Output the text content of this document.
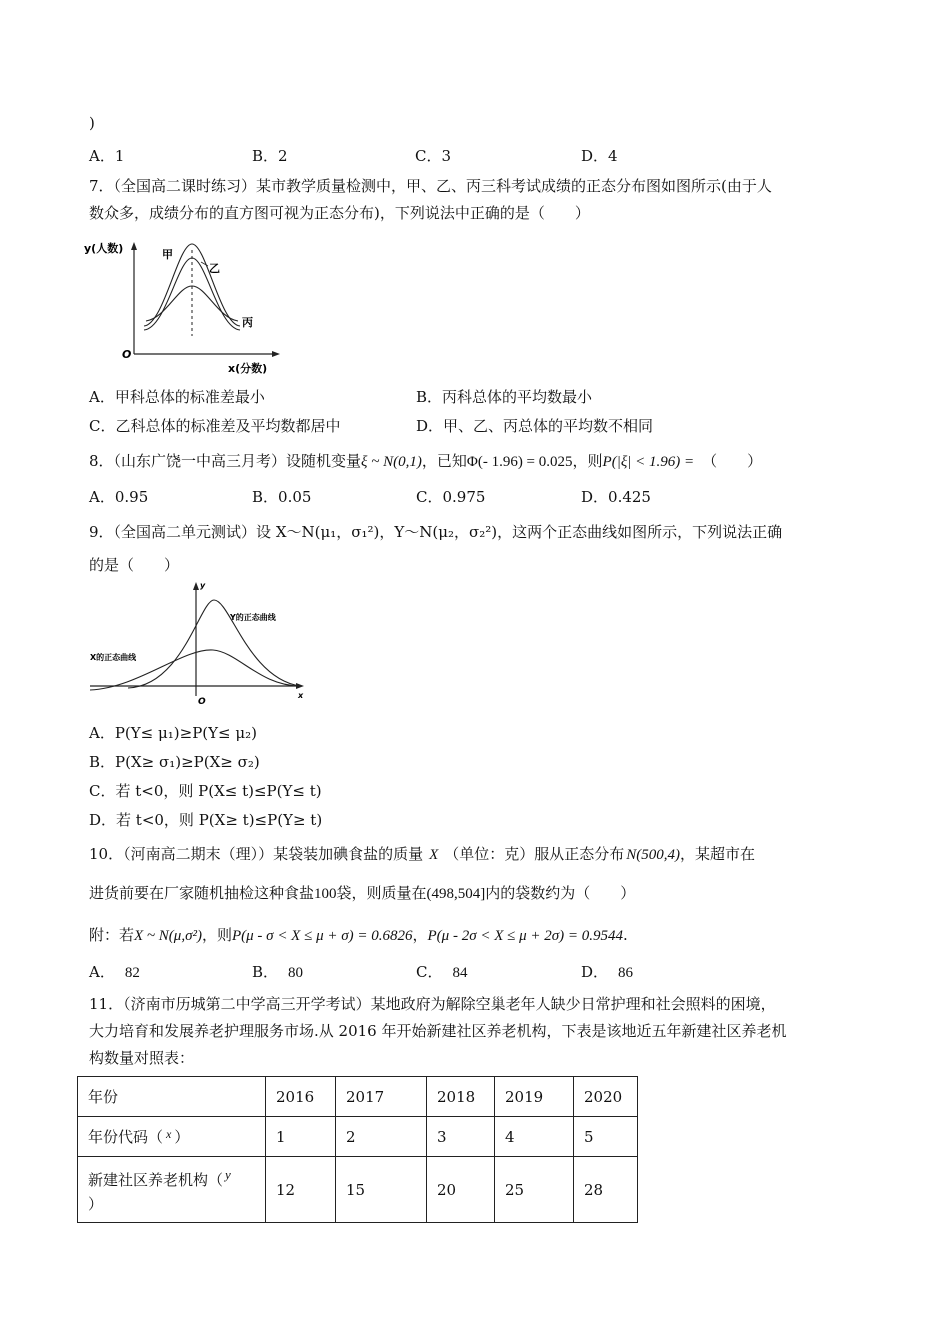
)
A．1	B．2	C．3	D．4
7．（全国高二课时练习）某市教学质量检测中，甲、乙、丙三科考试成绩的正态分布图如图所示(由于人
数众多，成绩分布的直方图可视为正态分布)，下列说法中正确的是（　　）
y(人数)
x(分数)
O
甲
乙
丙
A．甲科总体的标准差最小	B．丙科总体的平均数最小
C．乙科总体的标准差及平均数都居中	D．甲、乙、丙总体的平均数不相同
8．（山东广饶一中高三月考）设随机变量ξ ~ N(0,1)，已知Φ(- 1.96) = 0.025，则P(|ξ| < 1.96) = （　　）
A．0.95	B．0.05	C．0.975	D．0.425
9．（全国高二单元测试）设 X～N(μ₁，σ₁²)，Y～N(μ₂，σ₂²)，这两个正态曲线如图所示，下列说法正确
的是（　　）
y
x
O
Y的正态曲线
X的正态曲线
A．P(Y≤ μ₁)≥P(Y≤ μ₂)
B．P(X≥ σ₁)≥P(X≥ σ₂)
C．若 t<0，则 P(X≤ t)≤P(Y≤ t)
D．若 t<0，则 P(X≥ t)≤P(Y≥ t)
10．（河南高二期末（理））某袋装加碘食盐的质量 X （单位：克）服从正态分布 N(500,4)，某超市在
进货前要在厂家随机抽检这种食盐100袋，则质量在(498,504]内的袋数约为（　　）
附：若X ~ N(μ,σ²)，则P(μ - σ < X ≤ μ + σ) = 0.6826，P(μ - 2σ < X ≤ μ + 2σ) = 0.9544.
A． 82	B． 80	C． 84	D． 86
11．（济南市历城第二中学高三开学考试）某地政府为解除空巢老年人缺少日常护理和社会照料的困境，
大力培育和发展养老护理服务市场.从 2016 年开始新建社区养老机构，下表是该地近五年新建社区养老机
构数量对照表：
年份	2016	2017	2018	2019	2020
年份代码（ $^x$ ）	1	2	3	4	5
新建社区养老机构（ y
）	12	15	20	25	28
